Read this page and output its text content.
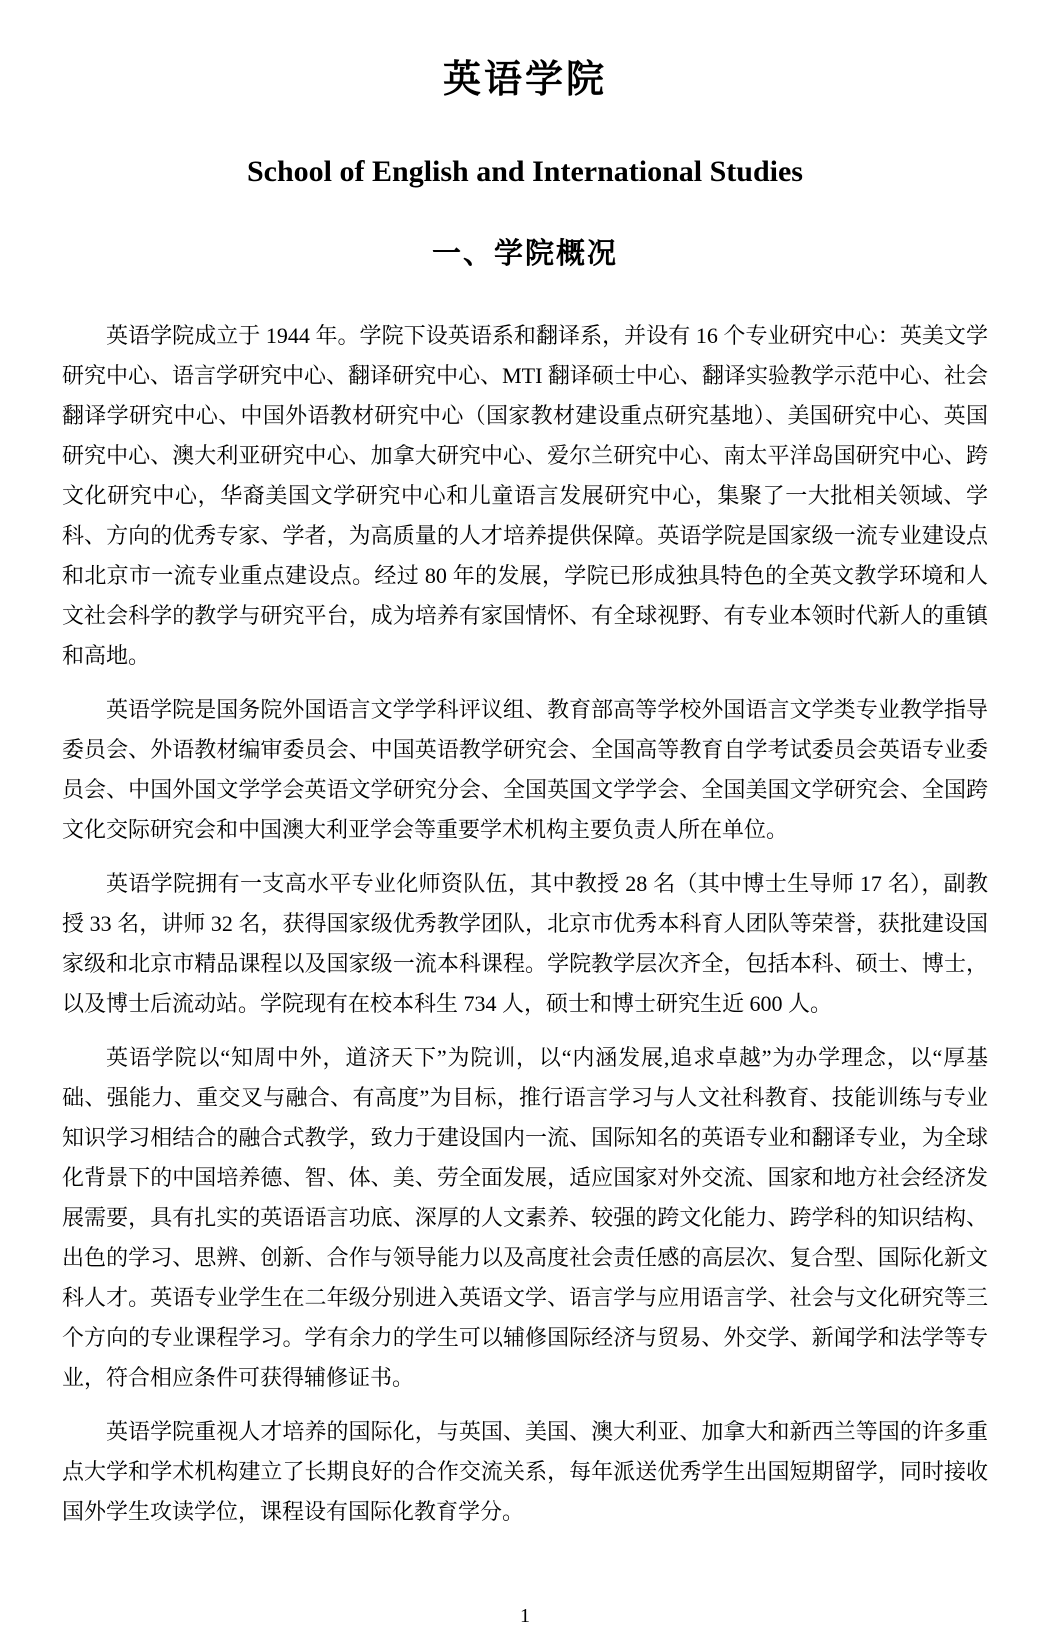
英语学院
School of English and International Studies
一、学院概况

英语学院成立于 1944 年。学院下设英语系和翻译系，并设有 16 个专业研究中心：英美文学研究中心、语言学研究中心、翻译研究中心、MTI 翻译硕士中心、翻译实验教学示范中心、社会翻译学研究中心、中国外语教材研究中心（国家教材建设重点研究基地）、美国研究中心、英国研究中心、澳大利亚研究中心、加拿大研究中心、爱尔兰研究中心、南太平洋岛国研究中心、跨文化研究中心，华裔美国文学研究中心和儿童语言发展研究中心，集聚了一大批相关领域、学科、方向的优秀专家、学者，为高质量的人才培养提供保障。英语学院是国家级一流专业建设点和北京市一流专业重点建设点。经过 80 年的发展，学院已形成独具特色的全英文教学环境和人文社会科学的教学与研究平台，成为培养有家国情怀、有全球视野、有专业本领时代新人的重镇和高地。

英语学院是国务院外国语言文学学科评议组、教育部高等学校外国语言文学类专业教学指导委员会、外语教材编审委员会、中国英语教学研究会、全国高等教育自学考试委员会英语专业委员会、中国外国文学学会英语文学研究分会、全国英国文学学会、全国美国文学研究会、全国跨文化交际研究会和中国澳大利亚学会等重要学术机构主要负责人所在单位。

英语学院拥有一支高水平专业化师资队伍，其中教授 28 名（其中博士生导师 17 名），副教授 33 名，讲师 32 名，获得国家级优秀教学团队，北京市优秀本科育人团队等荣誉，获批建设国家级和北京市精品课程以及国家级一流本科课程。学院教学层次齐全，包括本科、硕士、博士，以及博士后流动站。学院现有在校本科生 734 人，硕士和博士研究生近 600 人。

英语学院以“知周中外，道济天下”为院训，以“内涵发展,追求卓越”为办学理念，以“厚基础、强能力、重交叉与融合、有高度”为目标，推行语言学习与人文社科教育、技能训练与专业知识学习相结合的融合式教学，致力于建设国内一流、国际知名的英语专业和翻译专业，为全球化背景下的中国培养德、智、体、美、劳全面发展，适应国家对外交流、国家和地方社会经济发展需要，具有扎实的英语语言功底、深厚的人文素养、较强的跨文化能力、跨学科的知识结构、出色的学习、思辨、创新、合作与领导能力以及高度社会责任感的高层次、复合型、国际化新文科人才。英语专业学生在二年级分别进入英语文学、语言学与应用语言学、社会与文化研究等三个方向的专业课程学习。学有余力的学生可以辅修国际经济与贸易、外交学、新闻学和法学等专业，符合相应条件可获得辅修证书。

英语学院重视人才培养的国际化，与英国、美国、澳大利亚、加拿大和新西兰等国的许多重点大学和学术机构建立了长期良好的合作交流关系，每年派送优秀学生出国短期留学，同时接收国外学生攻读学位，课程设有国际化教育学分。

1
